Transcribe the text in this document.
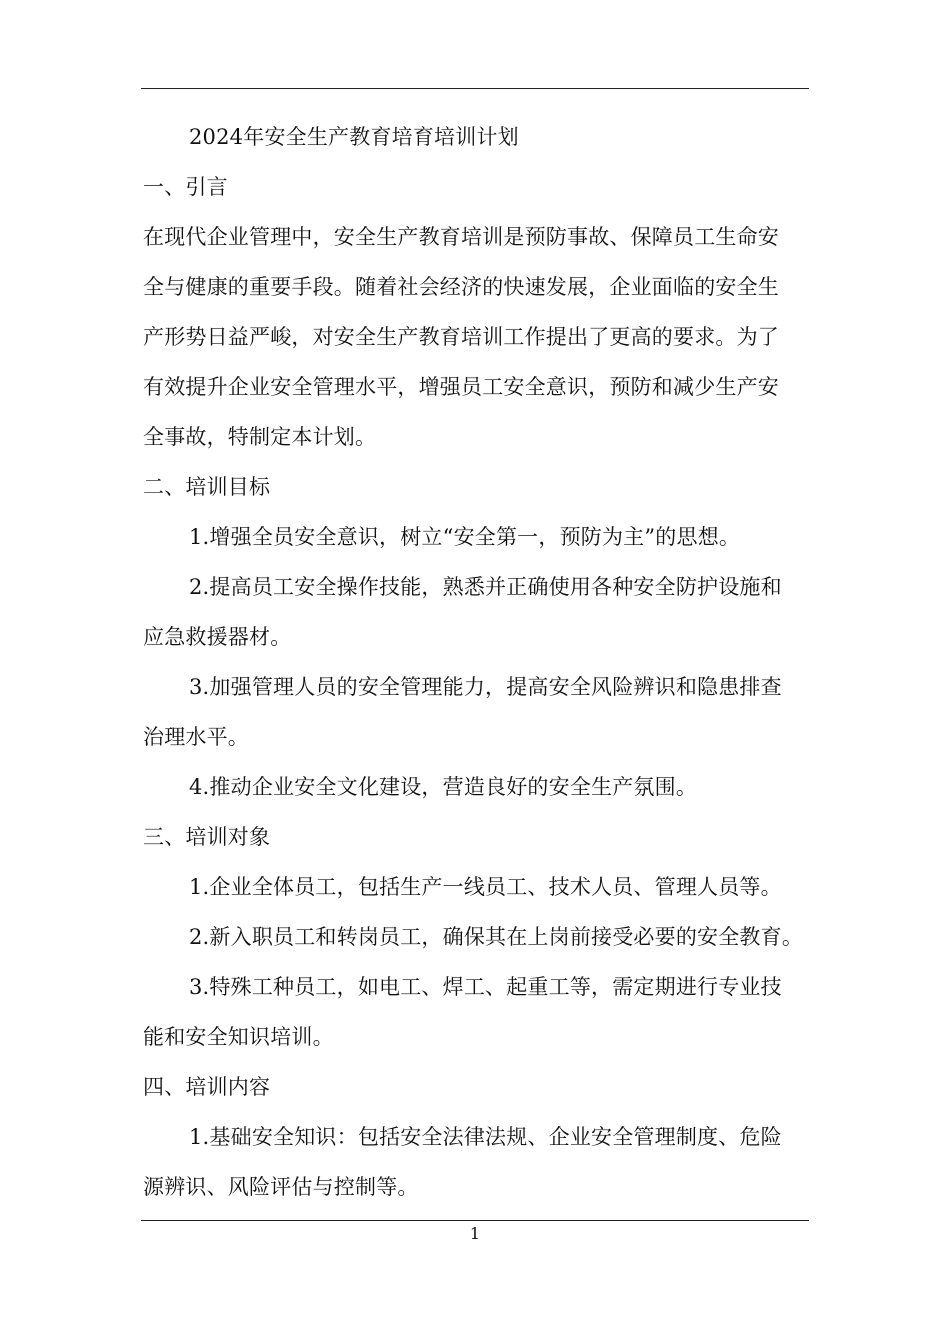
2024年安全生产教育培育培训计划
一、引言
在现代企业管理中，安全生产教育培训是预防事故、保障员工生命安
全与健康的重要手段。随着社会经济的快速发展，企业面临的安全生
产形势日益严峻，对安全生产教育培训工作提出了更高的要求。为了
有效提升企业安全管理水平，增强员工安全意识，预防和减少生产安
全事故，特制定本计划。
二、培训目标
1.增强全员安全意识，树立“安全第一，预防为主”的思想。
2.提高员工安全操作技能，熟悉并正确使用各种安全防护设施和
应急救援器材。
3.加强管理人员的安全管理能力，提高安全风险辨识和隐患排查
治理水平。
4.推动企业安全文化建设，营造良好的安全生产氛围。
三、培训对象
1.企业全体员工，包括生产一线员工、技术人员、管理人员等。
2.新入职员工和转岗员工，确保其在上岗前接受必要的安全教育。
3.特殊工种员工，如电工、焊工、起重工等，需定期进行专业技
能和安全知识培训。
四、培训内容
1.基础安全知识：包括安全法律法规、企业安全管理制度、危险
源辨识、风险评估与控制等。
1
